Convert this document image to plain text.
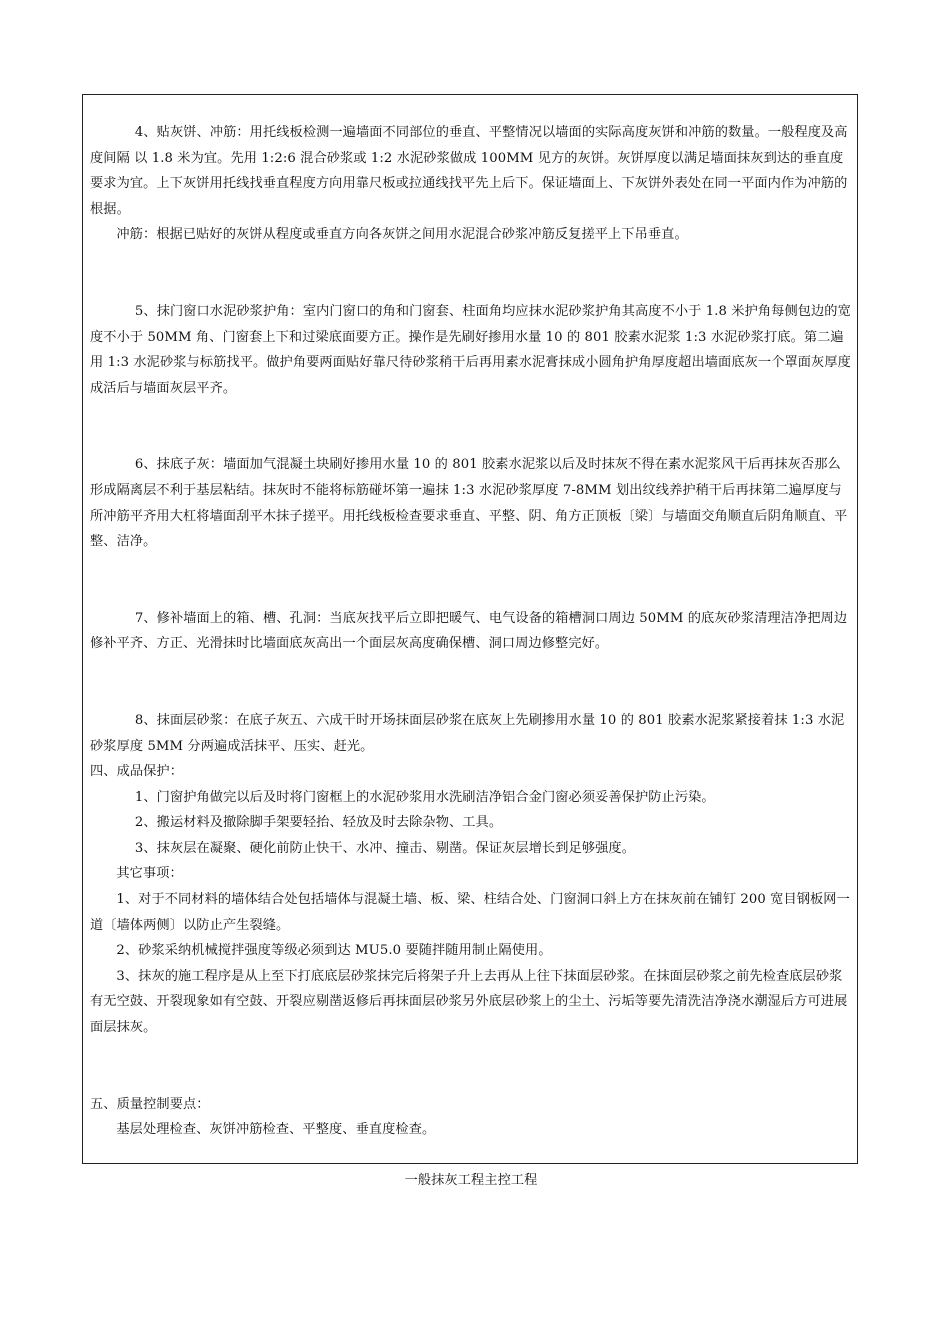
4、贴灰饼、冲筋：用托线板检测一遍墙面不同部位的垂直、平整情况以墙面的实际高度灰饼和冲筋的数量。一般程度及高度间隔 以 1.8 米为宜。先用 1:2:6 混合砂浆或 1:2 水泥砂浆做成 100MM 见方的灰饼。灰饼厚度以满足墙面抹灰到达的垂直度要求为宜。上下灰饼用托线找垂直程度方向用靠尺板或拉通线找平先上后下。保证墙面上、下灰饼外表处在同一平面内作为冲筋的根据。

冲筋：根据已贴好的灰饼从程度或垂直方向各灰饼之间用水泥混合砂浆冲筋反复搓平上下吊垂直。

5、抹门窗口水泥砂浆护角：室内门窗口的角和门窗套、柱面角均应抹水泥砂浆护角其高度不小于 1.8 米护角每侧包边的宽度不小于 50MM 角、门窗套上下和过梁底面要方正。操作是先刷好掺用水量 10 的 801 胶素水泥浆 1:3 水泥砂浆打底。第二遍用 1:3 水泥砂浆与标筋找平。做护角要两面贴好靠尺待砂浆稍干后再用素水泥膏抹成小圆角护角厚度超出墙面底灰一个罩面灰厚度成活后与墙面灰层平齐。

6、抹底子灰：墙面加气混凝土块刷好掺用水量 10 的 801 胶素水泥浆以后及时抹灰不得在素水泥浆风干后再抹灰否那么形成隔离层不利于基层粘结。抹灰时不能将标筋碰坏第一遍抹 1:3 水泥砂浆厚度 7-8MM 划出纹线养护稍干后再抹第二遍厚度与所冲筋平齐用大杠将墙面刮平木抹子搓平。用托线板检查要求垂直、平整、阴、角方正顶板〔梁〕与墙面交角顺直后阴角顺直、平整、洁净。

7、修补墙面上的箱、槽、孔洞：当底灰找平后立即把暖气、电气设备的箱槽洞口周边 50MM 的底灰砂浆清理洁净把周边修补平齐、方正、光滑抹时比墙面底灰高出一个面层灰高度确保槽、洞口周边修整完好。

8、抹面层砂浆：在底子灰五、六成干时开场抹面层砂浆在底灰上先刷掺用水量 10 的 801 胶素水泥浆紧接着抹 1:3 水泥砂浆厚度 5MM 分两遍成活抹平、压实、赶光。

四、成品保护：

1、门窗护角做完以后及时将门窗框上的水泥砂浆用水洗刷洁净铝合金门窗必须妥善保护防止污染。

2、搬运材料及撤除脚手架要轻抬、轻放及时去除杂物、工具。

3、抹灰层在凝聚、硬化前防止快干、水冲、撞击、剔凿。保证灰层增长到足够强度。

其它事项：

1、对于不同材料的墙体结合处包括墙体与混凝土墙、板、梁、柱结合处、门窗洞口斜上方在抹灰前在铺钉 200 宽目钢板网一道〔墙体两侧〕以防止产生裂缝。

2、砂浆采纳机械搅拌强度等级必须到达 MU5.0 要随拌随用制止隔使用。

3、抹灰的施工程序是从上至下打底底层砂浆抹完后将架子升上去再从上往下抹面层砂浆。在抹面层砂浆之前先检查底层砂浆有无空鼓、开裂现象如有空鼓、开裂应剔凿返修后再抹面层砂浆另外底层砂浆上的尘土、污垢等要先清洗洁净浇水潮湿后方可进展面层抹灰。

五、质量控制要点：

基层处理检查、灰饼冲筋检查、平整度、垂直度检查。

一般抹灰工程主控工程
